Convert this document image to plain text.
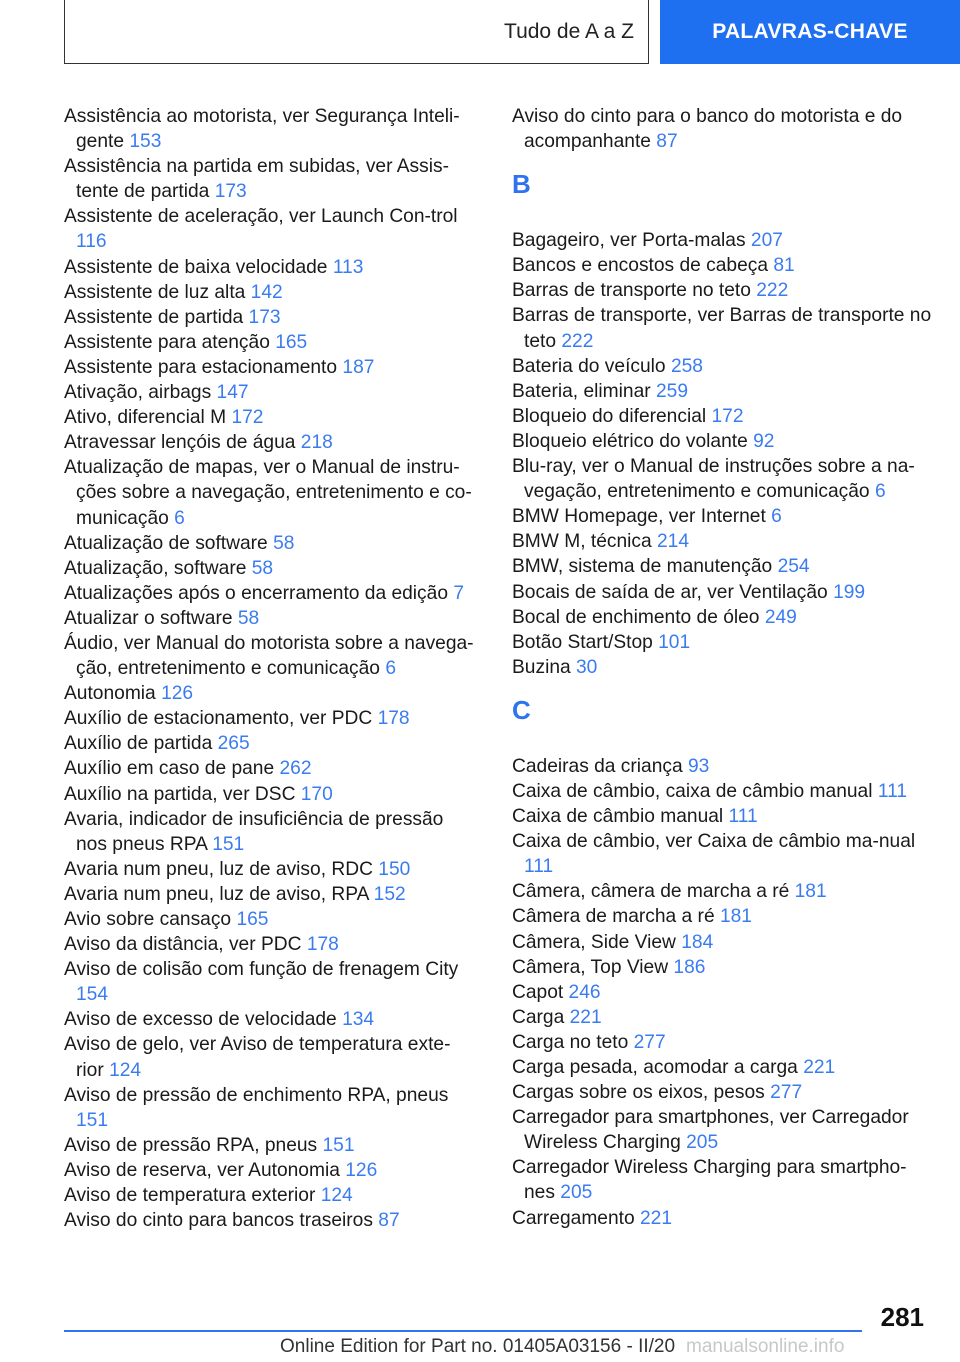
Tudo de A a Z	PALAVRAS-CHAVE
Assistência ao motorista, ver Segurança Inteli-gente 153
Assistência na partida em subidas, ver Assis-tente de partida 173
Assistente de aceleração, ver Launch Con-trol 116
Assistente de baixa velocidade 113
Assistente de luz alta 142
Assistente de partida 173
Assistente para atenção 165
Assistente para estacionamento 187
Ativação, airbags 147
Ativo, diferencial M 172
Atravessar lençóis de água 218
Atualização de mapas, ver o Manual de instru-ções sobre a navegação, entretenimento e co-municação 6
Atualização de software 58
Atualização, software 58
Atualizações após o encerramento da edição 7
Atualizar o software 58
Áudio, ver Manual do motorista sobre a navega-ção, entretenimento e comunicação 6
Autonomia 126
Auxílio de estacionamento, ver PDC 178
Auxílio de partida 265
Auxílio em caso de pane 262
Auxílio na partida, ver DSC 170
Avaria, indicador de insuficiência de pressão nos pneus RPA 151
Avaria num pneu, luz de aviso, RDC 150
Avaria num pneu, luz de aviso, RPA 152
Avio sobre cansaço 165
Aviso da distância, ver PDC 178
Aviso de colisão com função de frenagem City 154
Aviso de excesso de velocidade 134
Aviso de gelo, ver Aviso de temperatura exte-rior 124
Aviso de pressão de enchimento RPA, pneus 151
Aviso de pressão RPA, pneus 151
Aviso de reserva, ver Autonomia 126
Aviso de temperatura exterior 124
Aviso do cinto para bancos traseiros 87
Aviso do cinto para o banco do motorista e do acompanhante 87
B
Bagageiro, ver Porta-malas 207
Bancos e encostos de cabeça 81
Barras de transporte no teto 222
Barras de transporte, ver Barras de transporte no teto 222
Bateria do veículo 258
Bateria, eliminar 259
Bloqueio do diferencial 172
Bloqueio elétrico do volante 92
Blu-ray, ver o Manual de instruções sobre a na-vegação, entretenimento e comunicação 6
BMW Homepage, ver Internet 6
BMW M, técnica 214
BMW, sistema de manutenção 254
Bocais de saída de ar, ver Ventilação 199
Bocal de enchimento de óleo 249
Botão Start/Stop 101
Buzina 30
C
Cadeiras da criança 93
Caixa de câmbio, caixa de câmbio manual 111
Caixa de câmbio manual 111
Caixa de câmbio, ver Caixa de câmbio ma-nual 111
Câmera, câmera de marcha a ré 181
Câmera de marcha a ré 181
Câmera, Side View 184
Câmera, Top View 186
Capot 246
Carga 221
Carga no teto 277
Carga pesada, acomodar a carga 221
Cargas sobre os eixos, pesos 277
Carregador para smartphones, ver Carregador Wireless Charging 205
Carregador Wireless Charging para smartpho-nes 205
Carregamento 221
281
Online Edition for Part no. 01405A03156 - II/20 manualsonline.info
